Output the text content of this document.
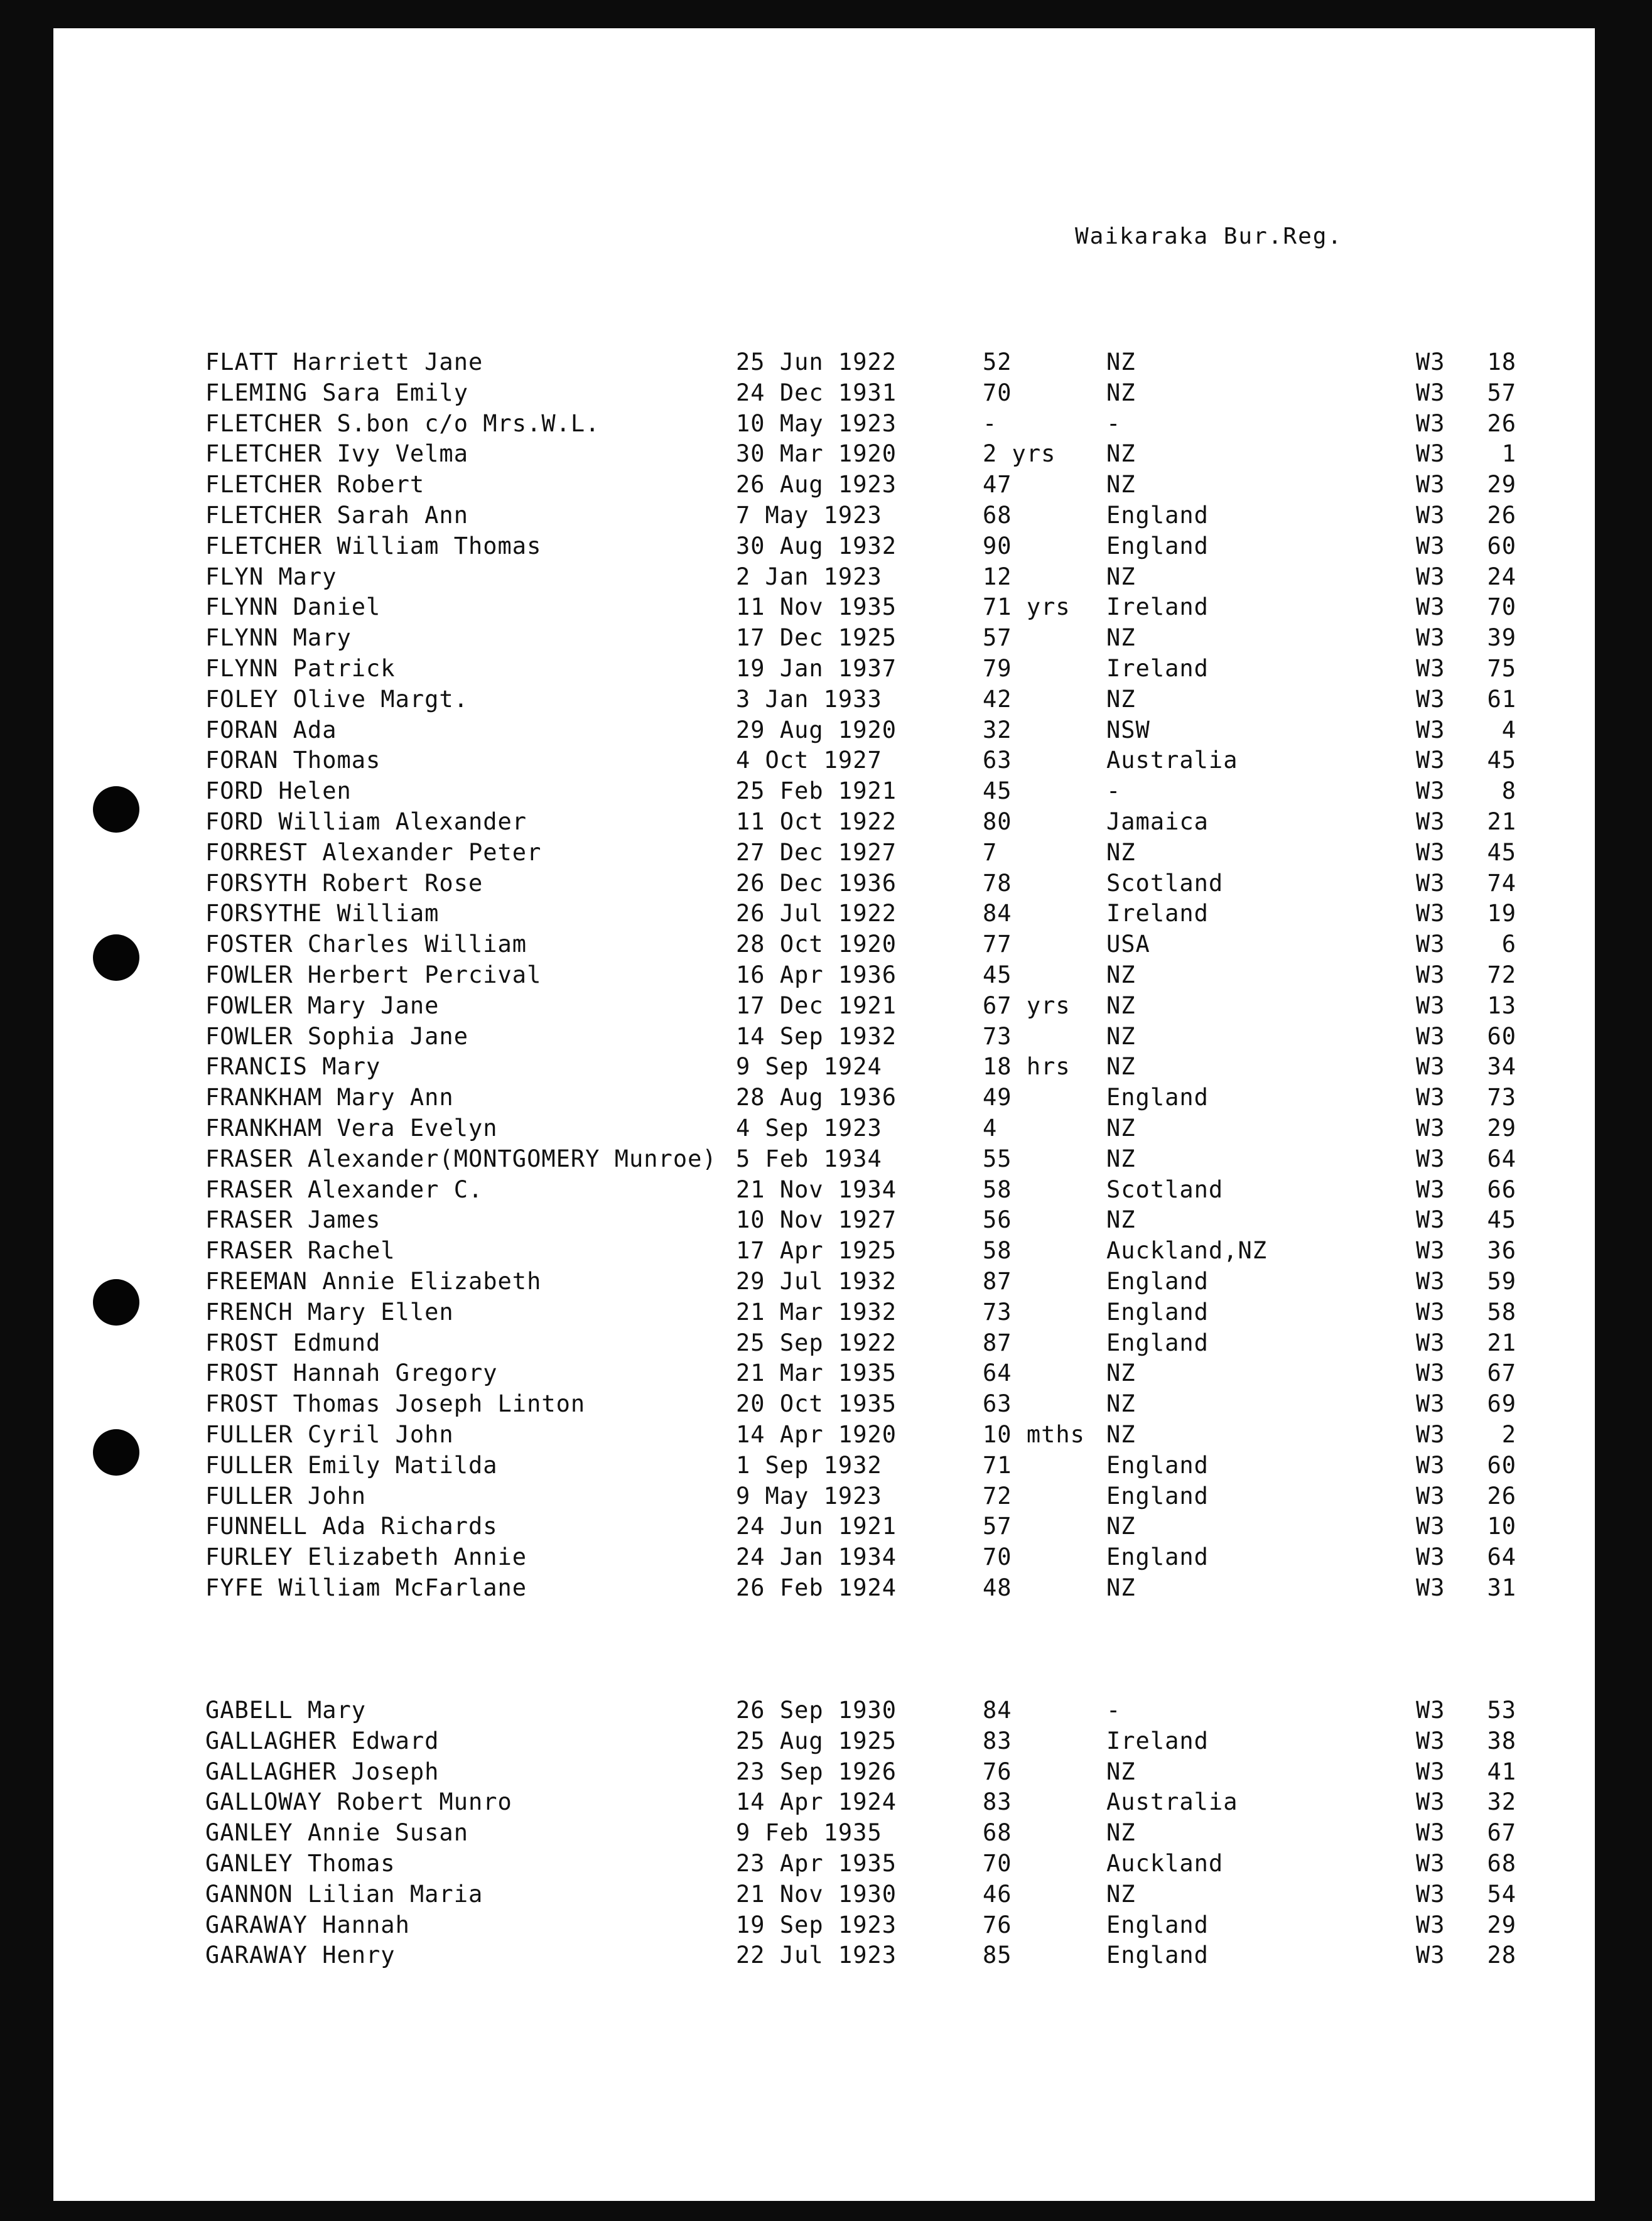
Waikaraka Bur.Reg.
FLATT Harriett Jane	25 Jun 1922	52	NZ	W3 18
FLEMING Sara Emily	24 Dec 1931	70	NZ	W3 57
FLETCHER S.bon c/o Mrs.W.L.	10 May 1923	-	-	W3 26
FLETCHER Ivy Velma	30 Mar 1920	2 yrs NZ	W3	1
FLETCHER Robert	26 Aug 1923	47	NZ	W3 29
FLETCHER Sarah Ann	7 May 1923	68	England	W3 26
FLETCHER William Thomas	30 Aug 1932	90	England	W3 60
FLYN Mary	2 Jan 1923	12	NZ	W3 24
FLYNN Daniel	11 Nov 1935	71 yrs Ireland	W3 70
FLYNN Mary	17 Dec 1925	57	NZ	W3 39
FLYNN Patrick	19 Jan 1937	79	Ireland	W3 75
FOLEY Olive Margt.	3 Jan 1933	42	NZ	W3 61
FORAN Ada	29 Aug 1920	32	NSW	W3	4
FORAN Thomas	4 Oct 1927	63	Australia	W3 45
FORD Helen	25 Feb 1921	45	-	W3	8
FORD William Alexander	11 Oct 1922	80	Jamaica	W3 21
FORREST Alexander Peter	27 Dec 1927	7	NZ	W3 45
FORSYTH Robert Rose	26 Dec 1936	78	Scotland	W3 74
FORSYTHE William	26 Jul 1922	84	Ireland	W3 19
FOSTER Charles William	28 Oct 1920	77	USA	W3	6
FOWLER Herbert Percival	16 Apr 1936	45	NZ	W3 72
FOWLER Mary Jane	17 Dec 1921	67 yrs NZ	W3 13
FOWLER Sophia Jane	14 Sep 1932	73	NZ	W3 60
FRANCIS Mary	9 Sep 1924	18 hrs NZ	W3 34
FRANKHAM Mary Ann	28 Aug 1936	49	England	W3 73
FRANKHAM Vera Evelyn	4 Sep 1923	4	NZ	W3 29
FRASER Alexander(MONTGOMERY Munroe) 5 Feb 1934	55	NZ	W3 64
FRASER Alexander C.	21 Nov 1934	58	Scotland	W3 66
FRASER James	10 Nov 1927	56	NZ	W3 45
FRASER Rachel	17 Apr 1925	58	Auckland,NZ	W3 36
FREEMAN Annie Elizabeth	29 Jul 1932	87	England	W3 59
FRENCH Mary Ellen	21 Mar 1932	73	England	W3 58
FROST Edmund	25 Sep 1922	87	England	W3 21
FROST Hannah Gregory	21 Mar 1935	64	NZ	W3 67
FROST Thomas Joseph Linton	20 Oct 1935	63	NZ	W3 69
FULLER Cyril John	14 Apr 1920	10 mths NZ	W3	2
FULLER Emily Matilda	1 Sep 1932	71	England	W3 60
FULLER John	9 May 1923	72	England	W3 26
FUNNELL Ada Richards	24 Jun 1921	57	NZ	W3 10
FURLEY Elizabeth Annie	24 Jan 1934	70	England	W3 64
FYFE William McFarlane	26 Feb 1924	48	NZ	W3 31
GABELL Mary	26 Sep 1930	84	-	W3 53
GALLAGHER Edward	25 Aug 1925	83	Ireland	W3 38
GALLAGHER Joseph	23 Sep 1926	76	NZ	W3 41
GALLOWAY Robert Munro	14 Apr 1924	83	Australia	W3 32
GANLEY Annie Susan	9 Feb 1935	68	NZ	W3 67
GANLEY Thomas	23 Apr 1935	70	Auckland	W3 68
GANNON Lilian Maria	21 Nov 1930	46	NZ	W3 54
GARAWAY Hannah	19 Sep 1923	76	England	W3 29
GARAWAY Henry	22 Jul 1923	85	England	W3 28
